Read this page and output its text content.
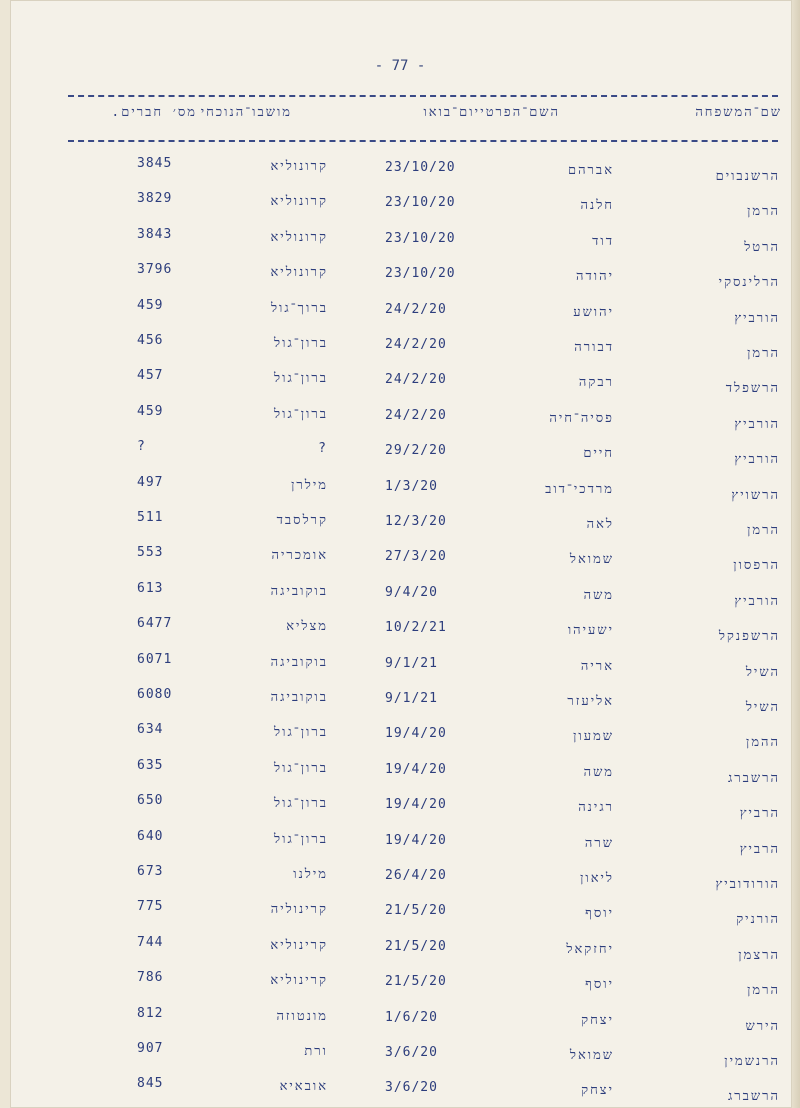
- 77 -
שם־המשפחה
השם־הפרטי
יום־בואו
מושבו־הנוכחי
מס׳ חברים.
הרשנבוים
אברהם
23/10/20
קרונוליא
3845
הרמן
חלנה
23/10/20
קרונוליא
3829
הרטל
דוד
23/10/20
קרונוליא
3843
הרלינסקי
יהודה
23/10/20
קרונוליא
3796
הורביץ
יהושע
24/2/20
ברוך־גול
459
הרמן
דבורה
24/2/20
ברון־גול
456
הרשפלד
רבקה
24/2/20
ברון־גול
457
הורביץ
פסיה־חיה
24/2/20
ברון־גול
459
הורביץ
חיים
29/2/20
?
?
הרשויץ
מרדכי־דוב
1/3/20
מילרן
497
הרמן
לאה
12/3/20
קרלסבד
511
הרפסון
שמואל
27/3/20
אומכריה
553
הורביץ
משה
9/4/20
בוקוביגה
613
הרשפנקל
ישעיהו
10/2/21
מצליא
6477
השיל
אריה
9/1/21
בוקוביגה
6071
השיל
אליעזר
9/1/21
בוקוביגה
6080
ההמן
שמעון
19/4/20
ברון־גול
634
הרשברג
משה
19/4/20
ברון־גול
635
הרביץ
רגינה
19/4/20
ברון־גול
650
הרביץ
שרה
19/4/20
ברון־גול
640
הורודוביץ
ליאון
26/4/20
מילנו
673
הורניק
יוסף
21/5/20
קרינוליה
775
הרצמן
יחזקאל
21/5/20
קרינוליא
744
הרמן
יוסף
21/5/20
קרינוליא
786
הירש
יצחק
1/6/20
מונטוזה
812
הרנשמין
שמואל
3/6/20
ורת
907
הרשברג
יצחק
3/6/20
אובאיא
845
